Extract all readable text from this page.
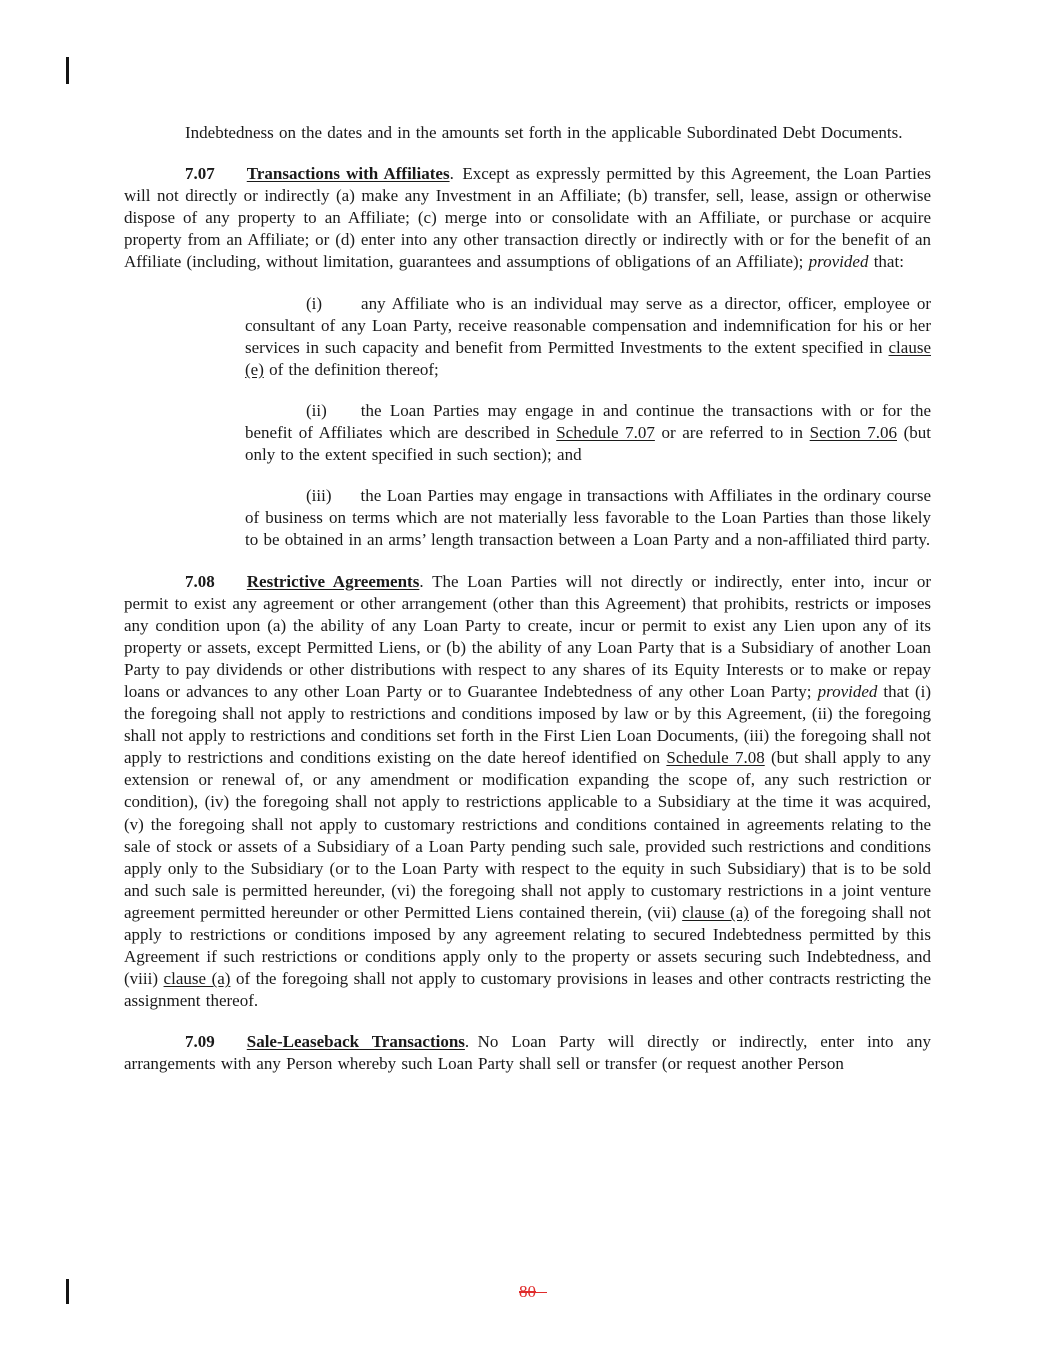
Indebtedness on the dates and in the amounts set forth in the applicable Subordinated Debt Documents.

7.07 Transactions with Affiliates. Except as expressly permitted by this Agreement, the Loan Parties will not directly or indirectly (a) make any Investment in an Affiliate; (b) transfer, sell, lease, assign or otherwise dispose of any property to an Affiliate; (c) merge into or consolidate with an Affiliate, or purchase or acquire property from an Affiliate; or (d) enter into any other transaction directly or indirectly with or for the benefit of an Affiliate (including, without limitation, guarantees and assumptions of obligations of an Affiliate); provided that:

(i) any Affiliate who is an individual may serve as a director, officer, employee or consultant of any Loan Party, receive reasonable compensation and indemnification for his or her services in such capacity and benefit from Permitted Investments to the extent specified in clause (e) of the definition thereof;

(ii) the Loan Parties may engage in and continue the transactions with or for the benefit of Affiliates which are described in Schedule 7.07 or are referred to in Section 7.06 (but only to the extent specified in such section); and

(iii) the Loan Parties may engage in transactions with Affiliates in the ordinary course of business on terms which are not materially less favorable to the Loan Parties than those likely to be obtained in an arms’ length transaction between a Loan Party and a non-affiliated third party.

7.08 Restrictive Agreements. The Loan Parties will not directly or indirectly, enter into, incur or permit to exist any agreement or other arrangement (other than this Agreement) that prohibits, restricts or imposes any condition upon (a) the ability of any Loan Party to create, incur or permit to exist any Lien upon any of its property or assets, except Permitted Liens, or (b) the ability of any Loan Party that is a Subsidiary of another Loan Party to pay dividends or other distributions with respect to any shares of its Equity Interests or to make or repay loans or advances to any other Loan Party or to Guarantee Indebtedness of any other Loan Party; provided that (i) the foregoing shall not apply to restrictions and conditions imposed by law or by this Agreement, (ii) the foregoing shall not apply to restrictions and conditions set forth in the First Lien Loan Documents, (iii) the foregoing shall not apply to restrictions and conditions existing on the date hereof identified on Schedule 7.08 (but shall apply to any extension or renewal of, or any amendment or modification expanding the scope of, any such restriction or condition), (iv) the foregoing shall not apply to restrictions applicable to a Subsidiary at the time it was acquired, (v) the foregoing shall not apply to customary restrictions and conditions contained in agreements relating to the sale of stock or assets of a Subsidiary of a Loan Party pending such sale, provided such restrictions and conditions apply only to the Subsidiary (or to the Loan Party with respect to the equity in such Subsidiary) that is to be sold and such sale is permitted hereunder, (vi) the foregoing shall not apply to customary restrictions in a joint venture agreement permitted hereunder or other Permitted Liens contained therein, (vii) clause (a) of the foregoing shall not apply to restrictions or conditions imposed by any agreement relating to secured Indebtedness permitted by this Agreement if such restrictions or conditions apply only to the property or assets securing such Indebtedness, and (viii) clause (a) of the foregoing shall not apply to customary provisions in leases and other contracts restricting the assignment thereof.

7.09 Sale-Leaseback Transactions. No Loan Party will directly or indirectly, enter into any arrangements with any Person whereby such Loan Party shall sell or transfer (or request another Person

80
